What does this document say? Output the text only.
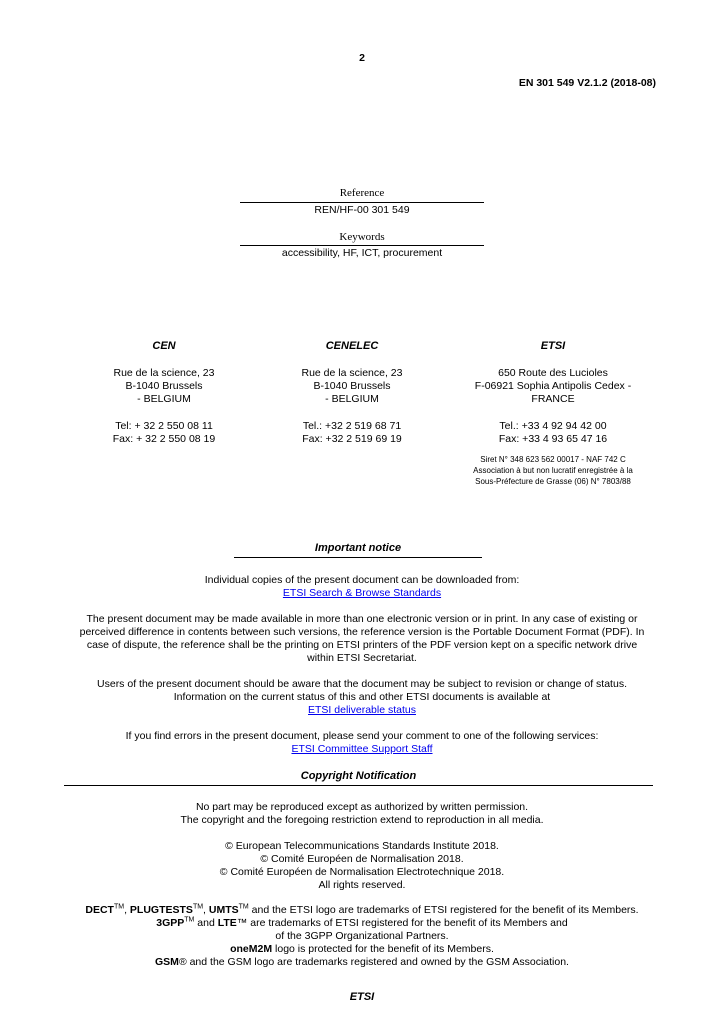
2
EN 301 549 V2.1.2 (2018-08)
Reference
REN/HF-00 301 549
Keywords
accessibility, HF, ICT, procurement
CEN
Rue de la science, 23
B-1040 Brussels
- BELGIUM
Tel: + 32 2 550 08 11
Fax: + 32 2 550 08 19
CENELEC
Rue de la science, 23
B-1040 Brussels
- BELGIUM
Tel.: +32 2 519 68 71
Fax: +32 2 519 69 19
ETSI
650 Route des Lucioles
F-06921 Sophia Antipolis Cedex -
FRANCE
Tel.: +33 4 92 94 42 00
Fax: +33 4 93 65 47 16
Siret N° 348 623 562 00017 - NAF 742 C
Association à but non lucratif enregistrée à la
Sous-Préfecture de Grasse (06) N° 7803/88
Important notice
Individual copies of the present document can be downloaded from:
ETSI Search & Browse Standards
The present document may be made available in more than one electronic version or in print. In any case of existing or
perceived difference in contents between such versions, the reference version is the Portable Document Format (PDF). In
case of dispute, the reference shall be the printing on ETSI printers of the PDF version kept on a specific network drive
within ETSI Secretariat.
Users of the present document should be aware that the document may be subject to revision or change of status.
Information on the current status of this and other ETSI documents is available at
ETSI deliverable status
If you find errors in the present document, please send your comment to one of the following services:
ETSI Committee Support Staff
Copyright Notification
No part may be reproduced except as authorized by written permission.
The copyright and the foregoing restriction extend to reproduction in all media.
© European Telecommunications Standards Institute 2018.
© Comité Européen de Normalisation 2018.
© Comité Européen de Normalisation Electrotechnique 2018.
All rights reserved.
DECT™, PLUGTESTS™, UMTS™ and the ETSI logo are trademarks of ETSI registered for the benefit of its Members.
3GPP™ and LTE™ are trademarks of ETSI registered for the benefit of its Members and
of the 3GPP Organizational Partners.
oneM2M logo is protected for the benefit of its Members.
GSM® and the GSM logo are trademarks registered and owned by the GSM Association.
ETSI
